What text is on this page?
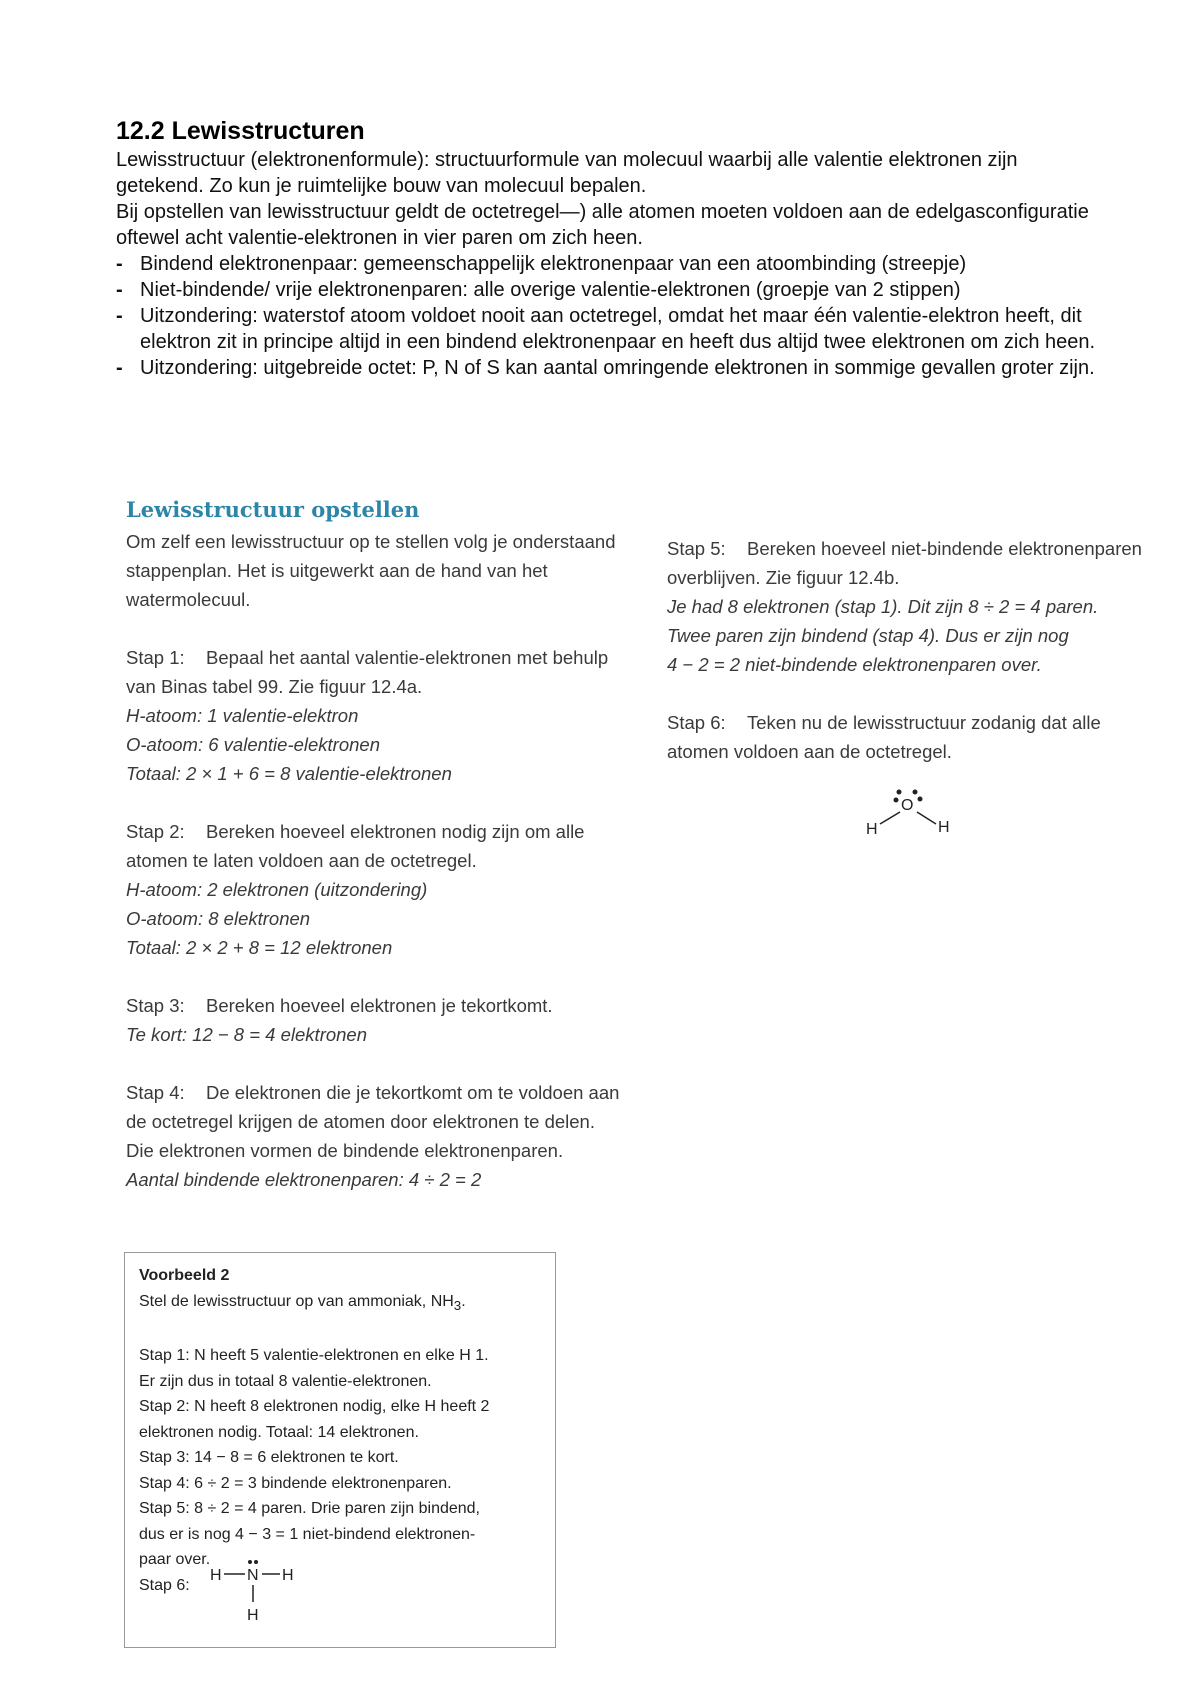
12.2 Lewisstructuren

Lewisstructuur (elektronenformule): structuurformule van molecuul waarbij alle valentie elektronen zijn getekend. Zo kun je ruimtelijke bouw van molecuul bepalen.

Bij opstellen van lewisstructuur geldt de octetregel—) alle atomen moeten voldoen aan de edelgasconfiguratie oftewel acht valentie-elektronen in vier paren om zich heen.

- Bindend elektronenpaar: gemeenschappelijk elektronenpaar van een atoombinding (streepje)
- Niet-bindende/ vrije elektronenparen: alle overige valentie-elektronen (groepje van 2 stippen)
- Uitzondering: waterstof atoom voldoet nooit aan octetregel, omdat het maar één valentie-elektron heeft, dit elektron zit in principe altijd in een bindend elektronenpaar en heeft dus altijd twee elektronen om zich heen.
- Uitzondering: uitgebreide octet: P, N of S kan aantal omringende elektronen in sommige gevallen groter zijn.
Lewisstructuur opstellen

Om zelf een lewisstructuur op te stellen volg je onderstaand stappenplan. Het is uitgewerkt aan de hand van het watermolecuul.

Stap 1: Bepaal het aantal valentie-elektronen met behulp van Binas tabel 99. Zie figuur 12.4a.

H-atoom: 1 valentie-elektron

O-atoom: 6 valentie-elektronen

Totaal: 2 × 1 + 6 = 8 valentie-elektronen

Stap 2: Bereken hoeveel elektronen nodig zijn om alle atomen te laten voldoen aan de octetregel.

H-atoom: 2 elektronen (uitzondering)

O-atoom: 8 elektronen

Totaal: 2 × 2 + 8 = 12 elektronen

Stap 3: Bereken hoeveel elektronen je tekortkomt.

Te kort: 12 − 8 = 4 elektronen

Stap 4: De elektronen die je tekortkomt om te voldoen aan de octetregel krijgen de atomen door elektronen te delen. Die elektronen vormen de bindende elektronenparen.

Aantal bindende elektronenparen: 4 ÷ 2 = 2

Stap 5: Bereken hoeveel niet-bindende elektronenparen overblijven. Zie figuur 12.4b.

Je had 8 elektronen (stap 1). Dit zijn 8 ÷ 2 = 4 paren.

Twee paren zijn bindend (stap 4). Dus er zijn nog

4 − 2 = 2 niet-bindende elektronenparen over.

Stap 6: Teken nu de lewisstructuur zodanig dat alle atomen voldoen aan de octetregel.

O
H	H

Voorbeeld 2

Stel de lewisstructuur op van ammoniak, $NH_3$.

Stap 1: N heeft 5 valentie-elektronen en elke H 1.

Er zijn dus in totaal 8 valentie-elektronen.

Stap 2: N heeft 8 elektronen nodig, elke H heeft 2

elektronen nodig. Totaal: 14 elektronen.

Stap 3: 14 − 8 = 6 elektronen te kort.

Stap 4: 6 ÷ 2 = 3 bindende elektronenparen.

Stap 5: 8 ÷ 2 = 4 paren. Drie paren zijn bindend,

dus er is nog 4 − 3 = 1 niet-bindend elektronen-

paar over.

Stap 6:

H N H
H
